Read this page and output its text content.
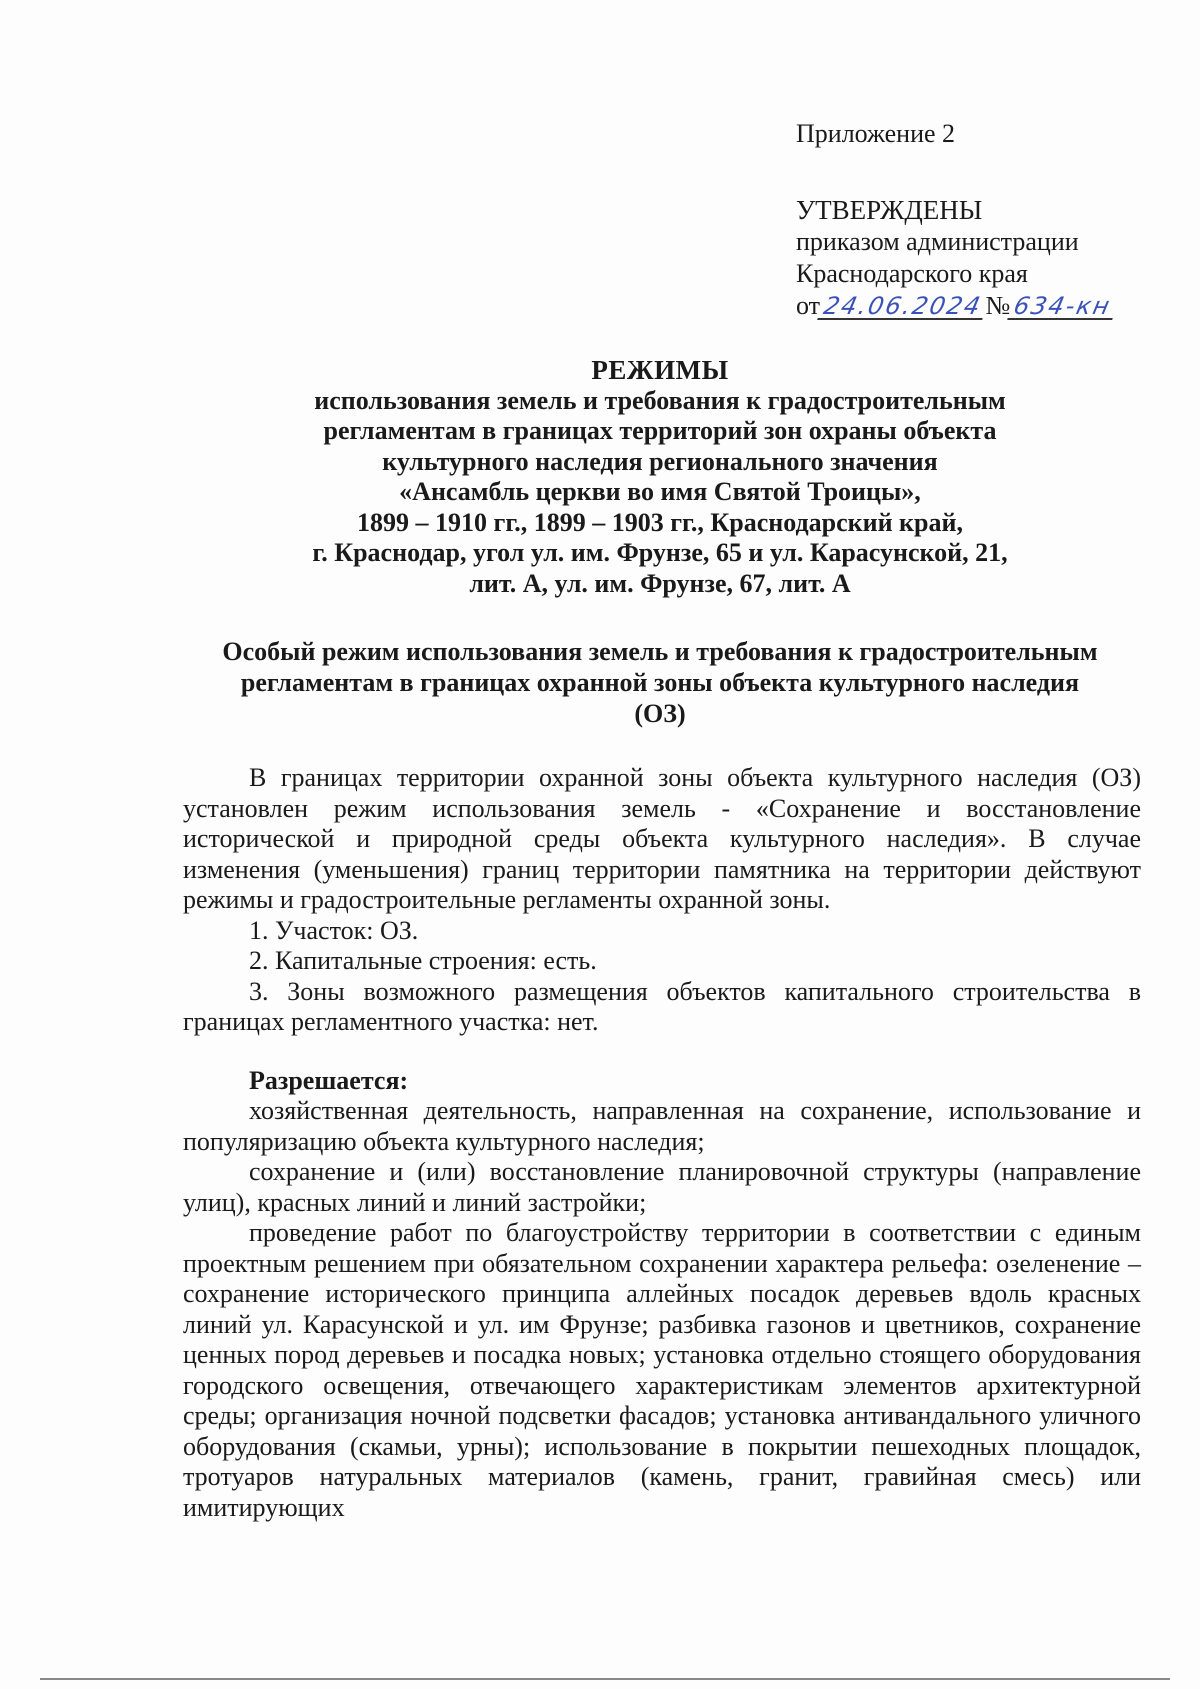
Приложение 2
УТВЕРЖДЕНЫ
приказом администрации
Краснодарского края
от24.06.2024№634-кн
РЕЖИМЫ
использования земель и требования к градостроительным
регламентам в границах территорий зон охраны объекта
культурного наследия регионального значения
«Ансамбль церкви во имя Святой Троицы»,
1899 – 1910 гг., 1899 – 1903 гг., Краснодарский край,
г. Краснодар, угол ул. им. Фрунзе, 65 и ул. Карасунской, 21,
лит. А, ул. им. Фрунзе, 67, лит. А
Особый режим использования земель и требования к градостроительным
регламентам в границах охранной зоны объекта культурного наследия
(ОЗ)

В границах территории охранной зоны объекта культурного наследия (ОЗ) установлен режим использования земель - «Сохранение и восстановление исторической и природной среды объекта культурного наследия». В случае изменения (уменьшения) границ территории памятника на территории действуют режимы и градостроительные регламенты охранной зоны.

1. Участок: ОЗ.

2. Капитальные строения: есть.

3. Зоны возможного размещения объектов капитального строительства в границах регламентного участка: нет.

Разрешается:

хозяйственная деятельность, направленная на сохранение, использование и популяризацию объекта культурного наследия;

сохранение и (или) восстановление планировочной структуры (направление улиц), красных линий и линий застройки;

проведение работ по благоустройству территории в соответствии с единым проектным решением при обязательном сохранении характера рельефа: озеленение – сохранение исторического принципа аллейных посадок деревьев вдоль красных линий ул. Карасунской и ул. им Фрунзе; разбивка газонов и цветников, сохранение ценных пород деревьев и посадка новых; установка отдельно стоящего оборудования городского освещения, отвечающего характеристикам элементов архитектурной среды; организация ночной подсветки фасадов; установка антивандального уличного оборудования (скамьи, урны); использование в покрытии пешеходных площадок, тротуаров натуральных материалов (камень, гранит, гравийная смесь) или имитирующих
